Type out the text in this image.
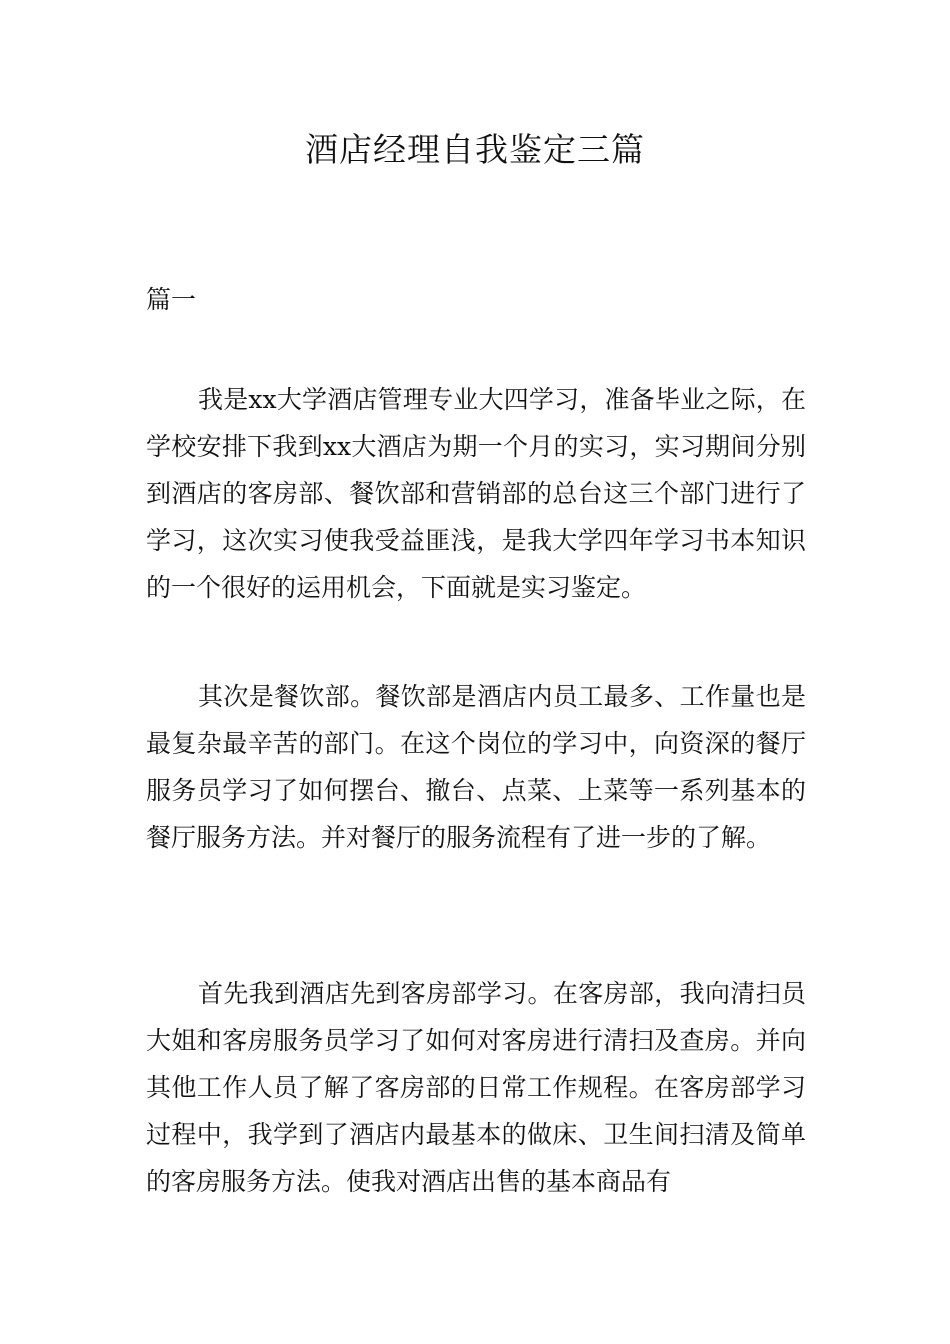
酒店经理自我鉴定三篇
篇一

我是xx大学酒店管理专业大四学习，准备毕业之际，在学校安排下我到xx大酒店为期一个月的实习，实习期间分别到酒店的客房部、餐饮部和营销部的总台这三个部门进行了学习，这次实习使我受益匪浅，是我大学四年学习书本知识的一个很好的运用机会，下面就是实习鉴定。

其次是餐饮部。餐饮部是酒店内员工最多、工作量也是最复杂最辛苦的部门。在这个岗位的学习中，向资深的餐厅服务员学习了如何摆台、撤台、点菜、上菜等一系列基本的餐厅服务方法。并对餐厅的服务流程有了进一步的了解。

首先我到酒店先到客房部学习。在客房部，我向清扫员大姐和客房服务员学习了如何对客房进行清扫及查房。并向其他工作人员了解了客房部的日常工作规程。在客房部学习过程中，我学到了酒店内最基本的做床、卫生间扫清及简单的客房服务方法。使我对酒店出售的基本商品有
